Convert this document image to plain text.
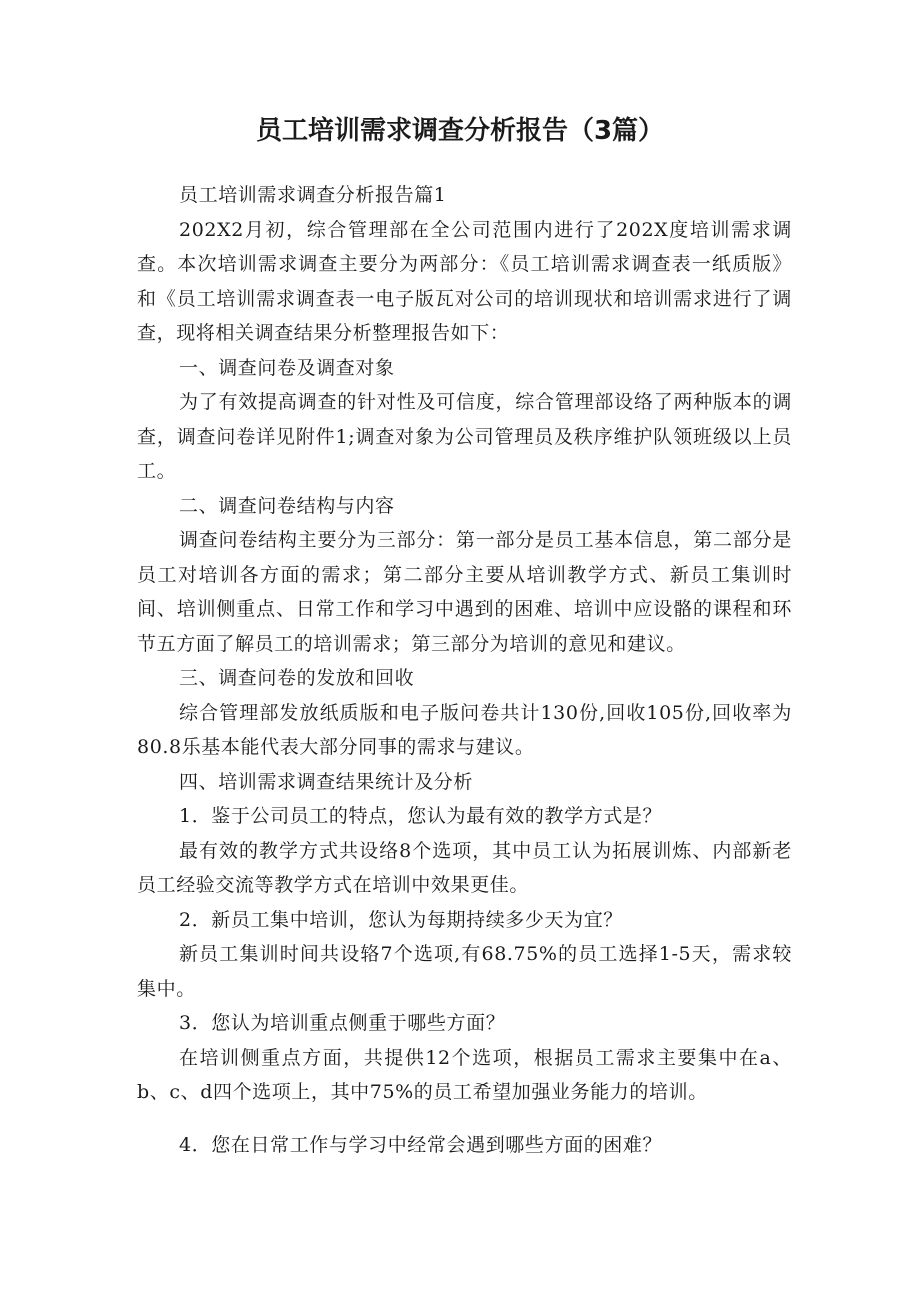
员工培训需求调查分析报告（3篇）

员工培训需求调查分析报告篇1

202X2月初，综合管理部在全公司范围内进行了202X度培训需求调查。本次培训需求调查主要分为两部分：《员工培训需求调查表一纸质版》和《员工培训需求调查表一电子版瓦对公司的培训现状和培训需求进行了调查，现将相关调查结果分析整理报告如下：

一、调查问卷及调查对象

为了有效提高调查的针对性及可信度，综合管理部设络了两种版本的调查，调查问卷详见附件1;调查对象为公司管理员及秩序维护队领班级以上员工。

二、调查问卷结构与内容

调查问卷结构主要分为三部分：第一部分是员工基本信息，第二部分是员工对培训各方面的需求；第二部分主要从培训教学方式、新员工集训时间、培训侧重点、日常工作和学习中遇到的困难、培训中应设骼的课程和环节五方面了解员工的培训需求；第三部分为培训的意见和建议。

三、调查问卷的发放和回收

综合管理部发放纸质版和电子版问卷共计130份,回收105份,回收率为80.8乐基本能代表大部分同事的需求与建议。

四、培训需求调查结果统计及分析

1．鉴于公司员工的特点，您认为最有效的教学方式是？

最有效的教学方式共设络8个选项，其中员工认为拓展训炼、内部新老员工经验交流等教学方式在培训中效果更佳。

2．新员工集中培训，您认为每期持续多少天为宜？

新员工集训时间共设辂7个选项,有68.75%的员工选择1-5天，需求较集中。

3．您认为培训重点侧重于哪些方面？

在培训侧重点方面，共提供12个选项，根据员工需求主要集中在a、b、c、d四个选项上，其中75%的员工希望加强业务能力的培训。

4．您在日常工作与学习中经常会遇到哪些方面的困难？
